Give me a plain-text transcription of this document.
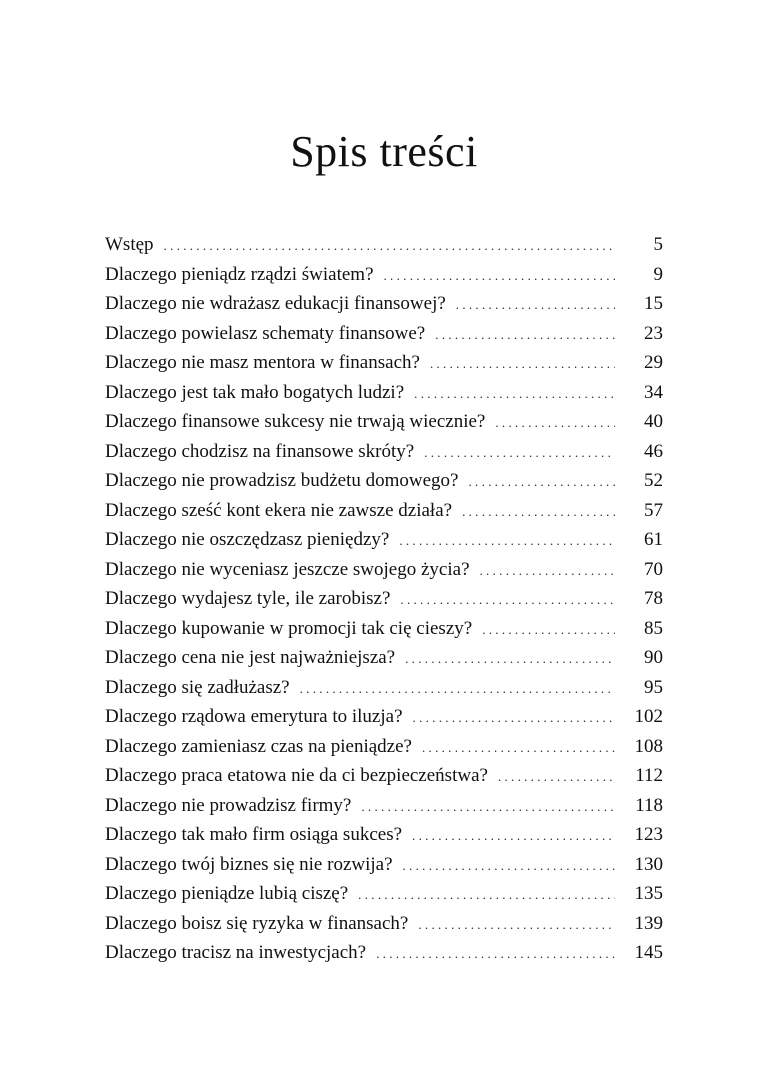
Spis treści
Wstęp .....	5
Dlaczego pieniądz rządzi światem? .....	9
Dlaczego nie wdrażasz edukacji finansowej? .....	15
Dlaczego powielasz schematy finansowe? .....	23
Dlaczego nie masz mentora w finansach? .....	29
Dlaczego jest tak mało bogatych ludzi? .....	34
Dlaczego finansowe sukcesy nie trwają wiecznie? .....	40
Dlaczego chodzisz na finansowe skróty? .....	46
Dlaczego nie prowadzisz budżetu domowego? .....	52
Dlaczego sześć kont ekera nie zawsze działa? .....	57
Dlaczego nie oszczędzasz pieniędzy? .....	61
Dlaczego nie wyceniasz jeszcze swojego życia? .....	70
Dlaczego wydajesz tyle, ile zarobisz? .....	78
Dlaczego kupowanie w promocji tak cię cieszy? .....	85
Dlaczego cena nie jest najważniejsza? .....	90
Dlaczego się zadłużasz? .....	95
Dlaczego rządowa emerytura to iluzja? .....	102
Dlaczego zamieniasz czas na pieniądze? .....	108
Dlaczego praca etatowa nie da ci bezpieczeństwa? .....	112
Dlaczego nie prowadzisz firmy? .....	118
Dlaczego tak mało firm osiąga sukces? .....	123
Dlaczego twój biznes się nie rozwija? .....	130
Dlaczego pieniądze lubią ciszę? .....	135
Dlaczego boisz się ryzyka w finansach? .....	139
Dlaczego tracisz na inwestycjach? .....	145
